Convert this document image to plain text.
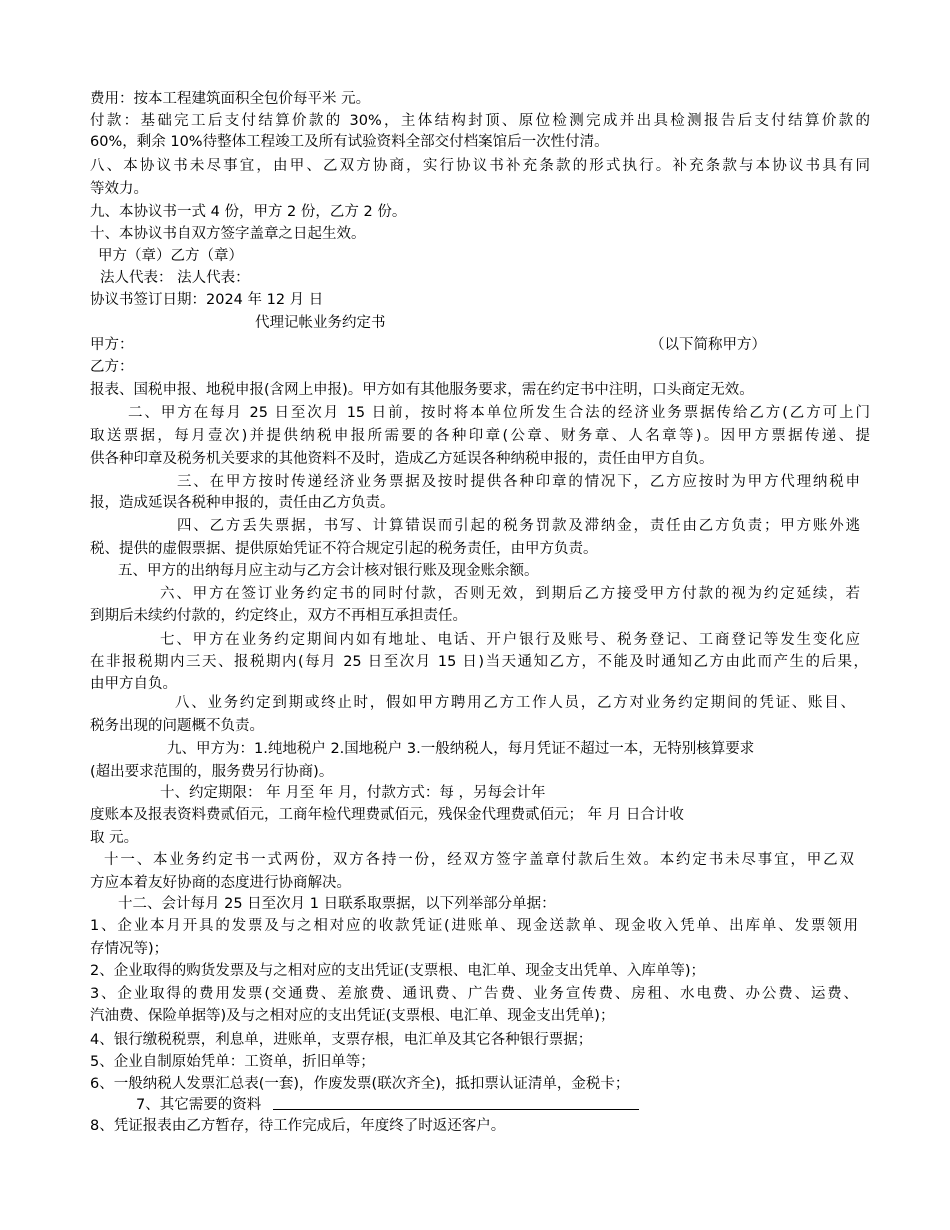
费用：按本工程建筑面积全包价每平米 元。
付款：基础完工后支付结算价款的 30%，主体结构封顶、原位检测完成并出具检测报告后支付结算价款的
60%，剩余 10%待整体工程竣工及所有试验资料全部交付档案馆后一次性付清。
八、本协议书未尽事宜，由甲、乙双方协商，实行协议书补充条款的形式执行。补充条款与本协议书具有同
等效力。
九、本协议书一式 4 份，甲方 2 份，乙方 2 份。
十、本协议书自双方签字盖章之日起生效。
甲方（章）乙方（章）
法人代表： 法人代表：
协议书签订日期：2024 年 12 月 日
代理记帐业务约定书
甲方：	（以下简称甲方）
乙方：
报表、国税申报、地税申报(含网上申报)。甲方如有其他服务要求，需在约定书中注明，口头商定无效。
二、甲方在每月 25 日至次月 15 日前，按时将本单位所发生合法的经济业务票据传给乙方(乙方可上门
取送票据，每月壹次)并提供纳税申报所需要的各种印章(公章、财务章、人名章等)。因甲方票据传递、提
供各种印章及税务机关要求的其他资料不及时，造成乙方延误各种纳税申报的，责任由甲方自负。
三、在甲方按时传递经济业务票据及按时提供各种印章的情况下，乙方应按时为甲方代理纳税申
报，造成延误各税种申报的，责任由乙方负责。
四、乙方丢失票据，书写、计算错误而引起的税务罚款及滞纳金，责任由乙方负责；甲方账外逃
税、提供的虚假票据、提供原始凭证不符合规定引起的税务责任，由甲方负责。
五、甲方的出纳每月应主动与乙方会计核对银行账及现金账余额。
六、甲方在签订业务约定书的同时付款，否则无效，到期后乙方接受甲方付款的视为约定延续，若
到期后未续约付款的，约定终止，双方不再相互承担责任。
七、甲方在业务约定期间内如有地址、电话、开户银行及账号、税务登记、工商登记等发生变化应
在非报税期内三天、报税期内(每月 25 日至次月 15 日)当天通知乙方，不能及时通知乙方由此而产生的后果，
由甲方自负。
八、业务约定到期或终止时，假如甲方聘用乙方工作人员，乙方对业务约定期间的凭证、账目、
税务出现的问题概不负责。
九、甲方为：1.纯地税户 2.国地税户 3.一般纳税人，每月凭证不超过一本，无特别核算要求
(超出要求范围的，服务费另行协商)。
十、约定期限： 年 月至 年 月，付款方式：每 ，另每会计年
度账本及报表资料费贰佰元，工商年检代理费贰佰元，残保金代理费贰佰元； 年 月 日合计收
取 元。
十一、本业务约定书一式两份，双方各持一份，经双方签字盖章付款后生效。本约定书未尽事宜，甲乙双
方应本着友好协商的态度进行协商解决。
十二、会计每月 25 日至次月 1 日联系取票据，以下列举部分单据：
1、企业本月开具的发票及与之相对应的收款凭证(进账单、现金送款单、现金收入凭单、出库单、发票领用
存情况等)；
2、企业取得的购货发票及与之相对应的支出凭证(支票根、电汇单、现金支出凭单、入库单等)；
3、企业取得的费用发票(交通费、差旅费、通讯费、广告费、业务宣传费、房租、水电费、办公费、运费、
汽油费、保险单据等)及与之相对应的支出凭证(支票根、电汇单、现金支出凭单)；
4、银行缴税税票，利息单，进账单，支票存根，电汇单及其它各种银行票据；
5、企业自制原始凭单：工资单，折旧单等；
6、一般纳税人发票汇总表(一套)，作废发票(联次齐全)，抵扣票认证清单，金税卡；
7、其它需要的资料
8、凭证报表由乙方暂存，待工作完成后，年度终了时返还客户。
